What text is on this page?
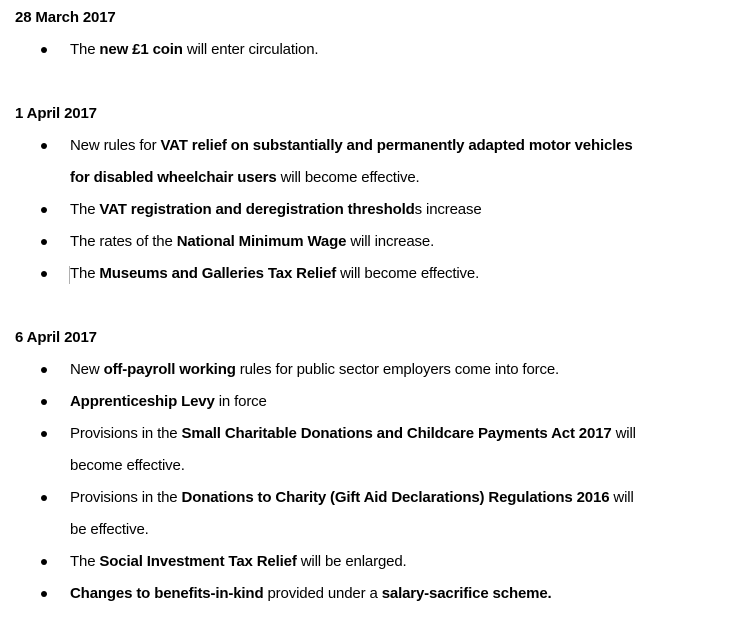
28 March 2017
The new £1 coin will enter circulation.
1 April 2017
New rules for VAT relief on substantially and permanently adapted motor vehicles
for disabled wheelchair users will become effective.
The VAT registration and deregistration thresholds increase
The rates of the National Minimum Wage will increase.
The Museums and Galleries Tax Relief will become effective.
6 April 2017
New off-payroll working rules for public sector employers come into force.
Apprenticeship Levy in force
Provisions in the Small Charitable Donations and Childcare Payments Act 2017 will
become effective.
Provisions in the Donations to Charity (Gift Aid Declarations) Regulations 2016 will
be effective.
The Social Investment Tax Relief will be enlarged.
Changes to benefits-in-kind provided under a salary-sacrifice scheme.
